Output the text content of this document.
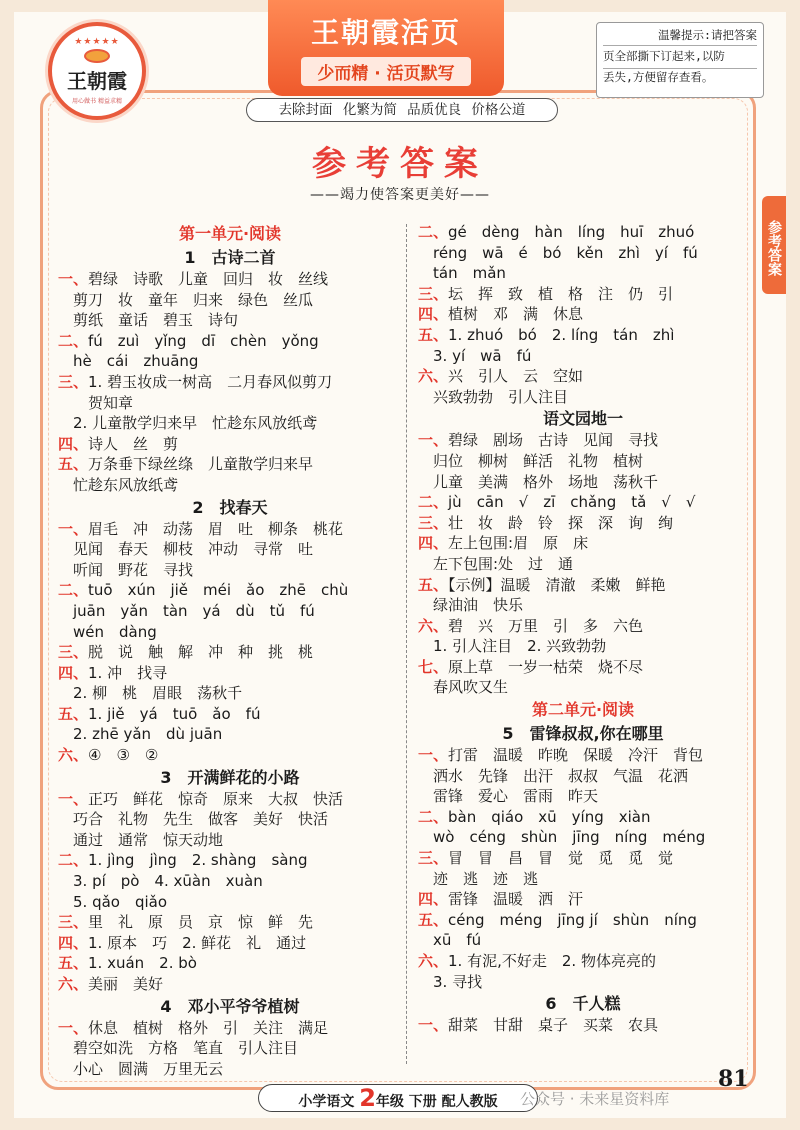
★★★★★
王朝霞
用心做书 精益求精
王朝霞活页
少而精 · 活页默写
温馨提示:请把答案
页全部撕下订起来,以防
丢失,方便留存查看。
去除封面 化繁为简 品质优良 价格公道
参考答案
参考答案
——竭力使答案更美好——
第一单元·阅读
1　古诗二首
一、碧绿　诗歌　儿童　回归　妆　丝线
　剪刀　妆　童年　归来　绿色　丝瓜
　剪纸　童话　碧玉　诗句
二、fú　zuì　yǐng　dī　chèn　yǒng
　hè　cái　zhuāng
三、1. 碧玉妆成一树高　二月春风似剪刀
　　贺知章
　2. 儿童散学归来早　忙趁东风放纸鸢
四、诗人　丝　剪
五、万条垂下绿丝绦　儿童散学归来早
　忙趁东风放纸鸢
2　找春天
一、眉毛　冲　动荡　眉　吐　柳条　桃花
　见闻　春天　柳枝　冲动　寻常　吐
　听闻　野花　寻找
二、tuō　xún　jiě　méi　ǎo　zhē　chù
　juān　yǎn　tàn　yá　dù　tǔ　fú
　wén　dàng
三、脱　说　触　解　冲　种　挑　桃
四、1. 冲　找寻
　2. 柳　桃　眉眼　荡秋千
五、1. jiě　yá　tuō　ǎo　fú
　2. zhē yǎn　dù juān
六、④　③　②
3　开满鲜花的小路
一、正巧　鲜花　惊奇　原来　大叔　快活
　巧合　礼物　先生　做客　美好　快活
　通过　通常　惊天动地
二、1. jìng　jìng　2. shàng　sàng
　3. pí　pò　4. xūàn　xuàn
　5. qǎo　qiǎo
三、里　礼　原　员　京　惊　鲜　先
四、1. 原本　巧　2. 鲜花　礼　通过
五、1. xuán　2. bò　
六、美丽　美好
4　邓小平爷爷植树
一、休息　植树　格外　引　关注　满足
　碧空如洗　方格　笔直　引人注目
　小心　圆满　万里无云
二、gé　dèng　hàn　líng　huī　zhuó
　réng　wā　é　bó　kěn　zhì　yí　fú
　tán　mǎn
三、坛　挥　致　植　格　注　仍　引
四、植树　邓　满　休息
五、1. zhuó　bó　2. líng　tán　zhì
　3. yí　wā　fú
六、兴　引人　云　空如
　兴致勃勃　引人注目
语文园地一
一、碧绿　剧场　古诗　见闻　寻找
　归位　柳树　鲜活　礼物　植树
　儿童　美满　格外　场地　荡秋千
二、jù　cān　√　zī　chǎng　tǎ　√　√
三、壮　妆　龄　铃　探　深　询　绚
四、左上包围:眉　原　床
　左下包围:处　过　通
五、【示例】温暖　清澈　柔嫩　鲜艳
　绿油油　快乐
六、碧　兴　万里　引　多　六色
　1. 引人注目　2. 兴致勃勃
七、原上草　一岁一枯荣　烧不尽
　春风吹又生
第二单元·阅读
5　雷锋叔叔,你在哪里
一、打雷　温暖　昨晚　保暖　冷汗　背包
　洒水　先锋　出汗　叔叔　气温　花洒
　雷锋　爱心　雷雨　昨天
二、bàn　qiáo　xū　yíng　xiàn
　wò　céng　shùn　jīng　níng　méng
三、冒　冒　昌　冒　觉　觅　觅　觉
　迹　逃　迹　逃
四、雷锋　温暖　洒　汗
五、céng　méng　jīng jí　shùn　níng
　xū　fú
六、1. 有泥,不好走　2. 物体亮亮的
　3. 寻找
6　千人糕
一、甜菜　甘甜　桌子　买菜　农具
小学语文 2年级 下册 配人教版
81
公众号 · 未来星资料库
